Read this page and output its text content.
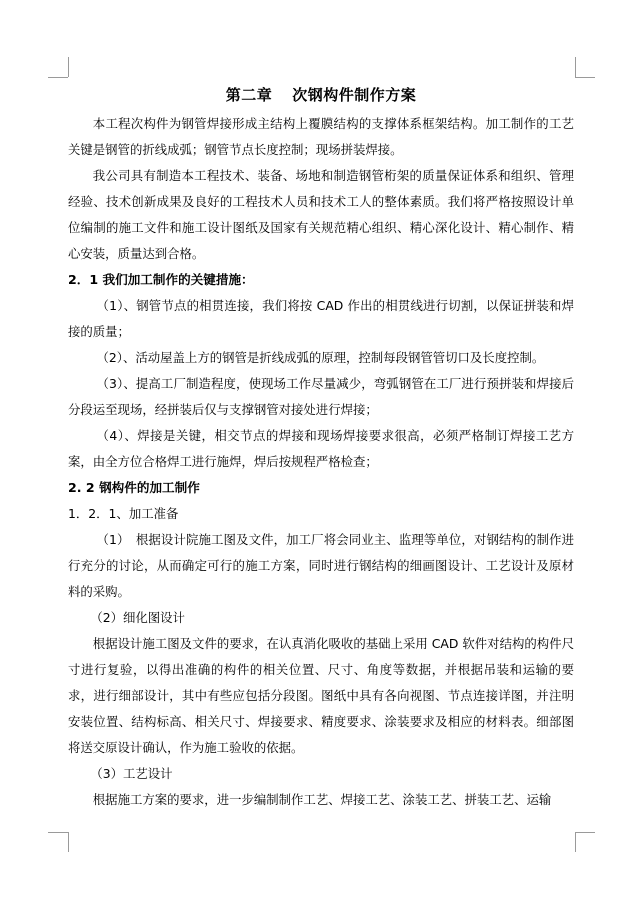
第二章 次钢构件制作方案

本工程次构件为钢管焊接形成主结构上覆膜结构的支撑体系框架结构。加工制作的工艺关键是钢管的折线成弧；钢管节点长度控制；现场拼装焊接。

我公司具有制造本工程技术、装备、场地和制造钢管桁架的质量保证体系和组织、管理经验、技术创新成果及良好的工程技术人员和技术工人的整体素质。我们将严格按照设计单位编制的施工文件和施工设计图纸及国家有关规范精心组织、精心深化设计、精心制作、精心安装，质量达到合格。

2．1 我们加工制作的关键措施：

（1）、钢管节点的相贯连接，我们将按 CAD 作出的相贯线进行切割，以保证拼装和焊接的质量；

（2）、活动屋盖上方的钢管是折线成弧的原理，控制每段钢管管切口及长度控制。

（3）、提高工厂制造程度，使现场工作尽量减少，弯弧钢管在工厂进行预拼装和焊接后分段运至现场，经拼装后仅与支撑钢管对接处进行焊接；

（4）、焊接是关键，相交节点的焊接和现场焊接要求很高，必须严格制订焊接工艺方案，由全方位合格焊工进行施焊，焊后按规程严格检查；

2. 2 钢构件的加工制作

1．2．1、加工准备

（1）　根据设计院施工图及文件，加工厂将会同业主、监理等单位，对钢结构的制作进行充分的讨论，从而确定可行的施工方案，同时进行钢结构的细画图设计、工艺设计及原材料的采购。

（2）细化图设计

根据设计施工图及文件的要求，在认真消化吸收的基础上采用 CAD 软件对结构的构件尺寸进行复验，以得出准确的构件的相关位置、尺寸、角度等数据，并根据吊装和运输的要求，进行细部设计，其中有些应包括分段图。图纸中具有各向视图、节点连接详图，并注明安装位置、结构标高、相关尺寸、焊接要求、精度要求、涂装要求及相应的材料表。细部图将送交原设计确认，作为施工验收的依据。

（3）工艺设计

根据施工方案的要求，进一步编制制作工艺、焊接工艺、涂装工艺、拼装工艺、运输
